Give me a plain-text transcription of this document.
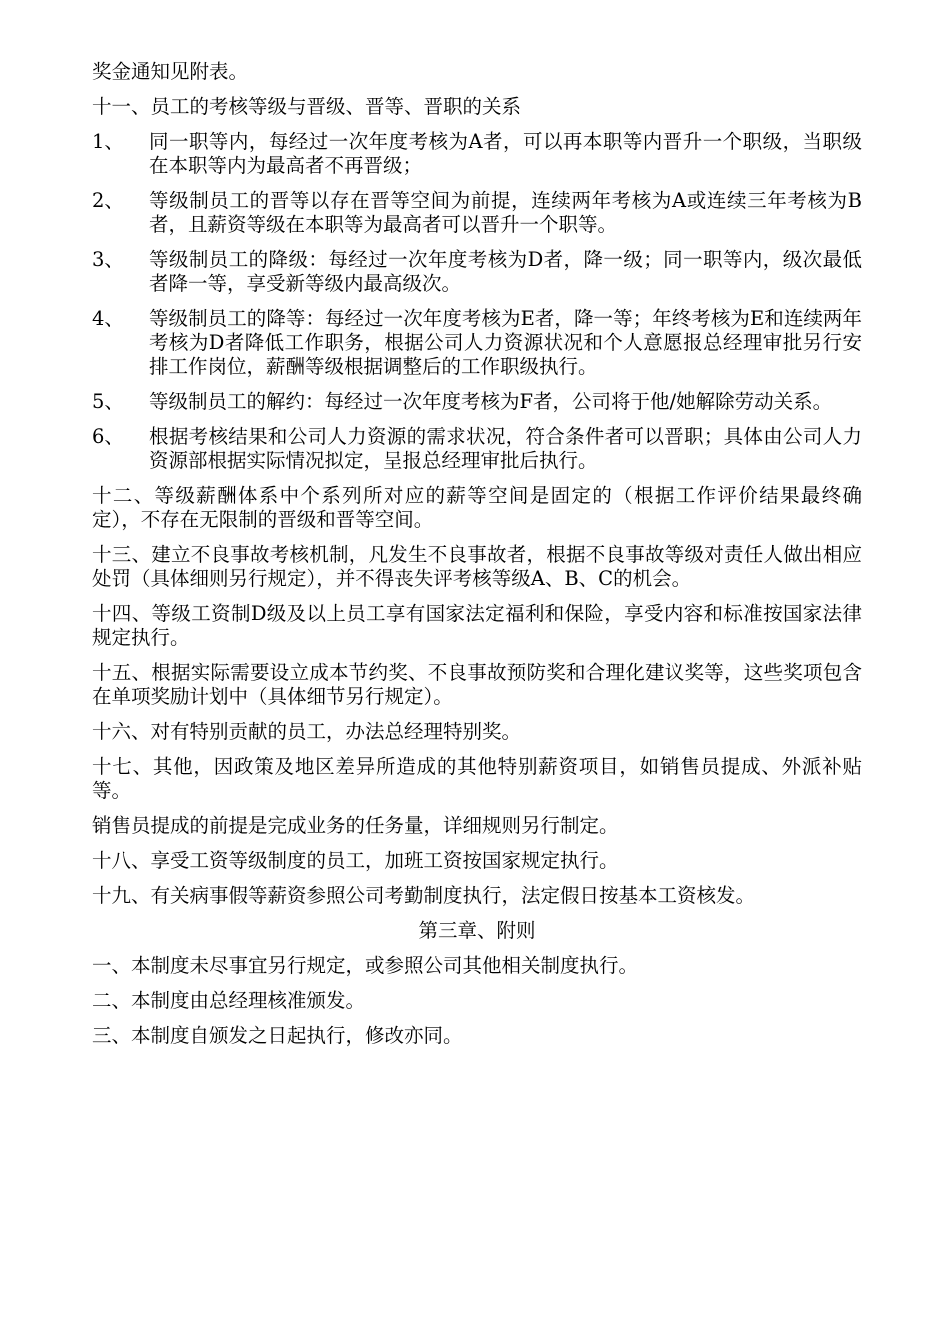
奖金通知见附表。

十一、员工的考核等级与晋级、晋等、晋职的关系

1、	同一职等内，每经过一次年度考核为A者，可以再本职等内晋升一个职级，当职级在本职等内为最高者不再晋级；
2、	等级制员工的晋等以存在晋等空间为前提，连续两年考核为A或连续三年考核为B者，且薪资等级在本职等为最高者可以晋升一个职等。
3、	等级制员工的降级：每经过一次年度考核为D者，降一级；同一职等内，级次最低者降一等，享受新等级内最高级次。
4、	等级制员工的降等：每经过一次年度考核为E者，降一等；年终考核为E和连续两年考核为D者降低工作职务，根据公司人力资源状况和个人意愿报总经理审批另行安排工作岗位，薪酬等级根据调整后的工作职级执行。
5、	等级制员工的解约：每经过一次年度考核为F者，公司将于他/她解除劳动关系。
6、	根据考核结果和公司人力资源的需求状况，符合条件者可以晋职；具体由公司人力资源部根据实际情况拟定，呈报总经理审批后执行。

十二、等级薪酬体系中个系列所对应的薪等空间是固定的（根据工作评价结果最终确定），不存在无限制的晋级和晋等空间。

十三、建立不良事故考核机制，凡发生不良事故者，根据不良事故等级对责任人做出相应处罚（具体细则另行规定），并不得丧失评考核等级A、B、C的机会。

十四、等级工资制D级及以上员工享有国家法定福利和保险，享受内容和标准按国家法律规定执行。

十五、根据实际需要设立成本节约奖、不良事故预防奖和合理化建议奖等，这些奖项包含在单项奖励计划中（具体细节另行规定）。

十六、对有特别贡献的员工，办法总经理特别奖。

十七、其他，因政策及地区差异所造成的其他特别薪资项目，如销售员提成、外派补贴等。

销售员提成的前提是完成业务的任务量，详细规则另行制定。

十八、享受工资等级制度的员工，加班工资按国家规定执行。

十九、有关病事假等薪资参照公司考勤制度执行，法定假日按基本工资核发。

第三章、附则

一、本制度未尽事宜另行规定，或参照公司其他相关制度执行。

二、本制度由总经理核准颁发。

三、本制度自颁发之日起执行，修改亦同。
